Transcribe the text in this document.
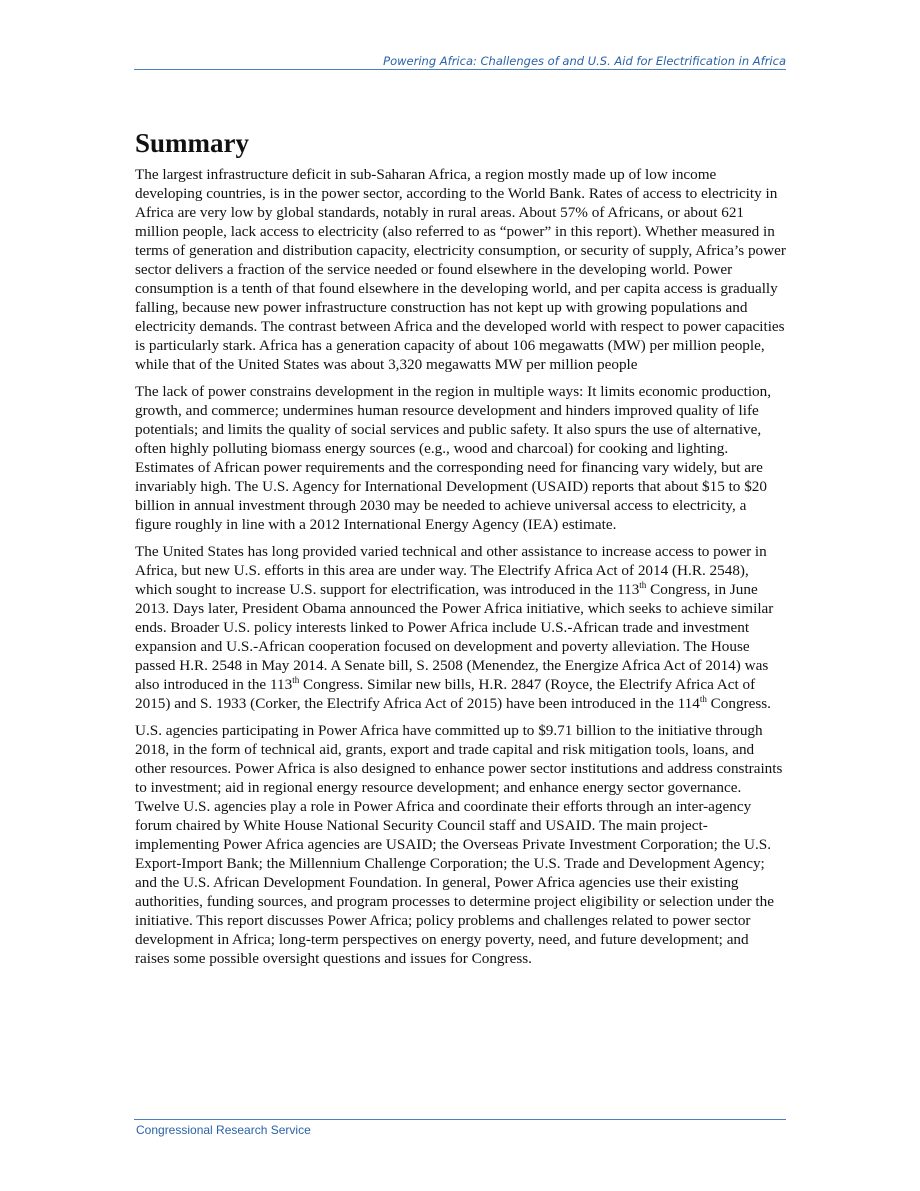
Powering Africa: Challenges of and U.S. Aid for Electrification in Africa
Summary

The largest infrastructure deficit in sub-Saharan Africa, a region mostly made up of low income developing countries, is in the power sector, according to the World Bank. Rates of access to electricity in Africa are very low by global standards, notably in rural areas. About 57% of Africans, or about 621 million people, lack access to electricity (also referred to as “power” in this report). Whether measured in terms of generation and distribution capacity, electricity consumption, or security of supply, Africa’s power sector delivers a fraction of the service needed or found elsewhere in the developing world. Power consumption is a tenth of that found elsewhere in the developing world, and per capita access is gradually falling, because new power infrastructure construction has not kept up with growing populations and electricity demands. The contrast between Africa and the developed world with respect to power capacities is particularly stark. Africa has a generation capacity of about 106 megawatts (MW) per million people, while that of the United States was about 3,320 megawatts MW per million people

The lack of power constrains development in the region in multiple ways: It limits economic production, growth, and commerce; undermines human resource development and hinders improved quality of life potentials; and limits the quality of social services and public safety. It also spurs the use of alternative, often highly polluting biomass energy sources (e.g., wood and charcoal) for cooking and lighting. Estimates of African power requirements and the corresponding need for financing vary widely, but are invariably high. The U.S. Agency for International Development (USAID) reports that about $15 to $20 billion in annual investment through 2030 may be needed to achieve universal access to electricity, a figure roughly in line with a 2012 International Energy Agency (IEA) estimate.

The United States has long provided varied technical and other assistance to increase access to power in Africa, but new U.S. efforts in this area are under way. The Electrify Africa Act of 2014 (H.R. 2548), which sought to increase U.S. support for electrification, was introduced in the 113th Congress, in June 2013. Days later, President Obama announced the Power Africa initiative, which seeks to achieve similar ends. Broader U.S. policy interests linked to Power Africa include U.S.-African trade and investment expansion and U.S.-African cooperation focused on development and poverty alleviation. The House passed H.R. 2548 in May 2014. A Senate bill, S. 2508 (Menendez, the Energize Africa Act of 2014) was also introduced in the 113th Congress. Similar new bills, H.R. 2847 (Royce, the Electrify Africa Act of 2015) and S. 1933 (Corker, the Electrify Africa Act of 2015) have been introduced in the 114th Congress.

U.S. agencies participating in Power Africa have committed up to $9.71 billion to the initiative through 2018, in the form of technical aid, grants, export and trade capital and risk mitigation tools, loans, and other resources. Power Africa is also designed to enhance power sector institutions and address constraints to investment; aid in regional energy resource development; and enhance energy sector governance. Twelve U.S. agencies play a role in Power Africa and coordinate their efforts through an inter-agency forum chaired by White House National Security Council staff and USAID. The main project-implementing Power Africa agencies are USAID; the Overseas Private Investment Corporation; the U.S. Export-Import Bank; the Millennium Challenge Corporation; the U.S. Trade and Development Agency; and the U.S. African Development Foundation. In general, Power Africa agencies use their existing authorities, funding sources, and program processes to determine project eligibility or selection under the initiative. This report discusses Power Africa; policy problems and challenges related to power sector development in Africa; long-term perspectives on energy poverty, need, and future development; and raises some possible oversight questions and issues for Congress.

Congressional Research Service
